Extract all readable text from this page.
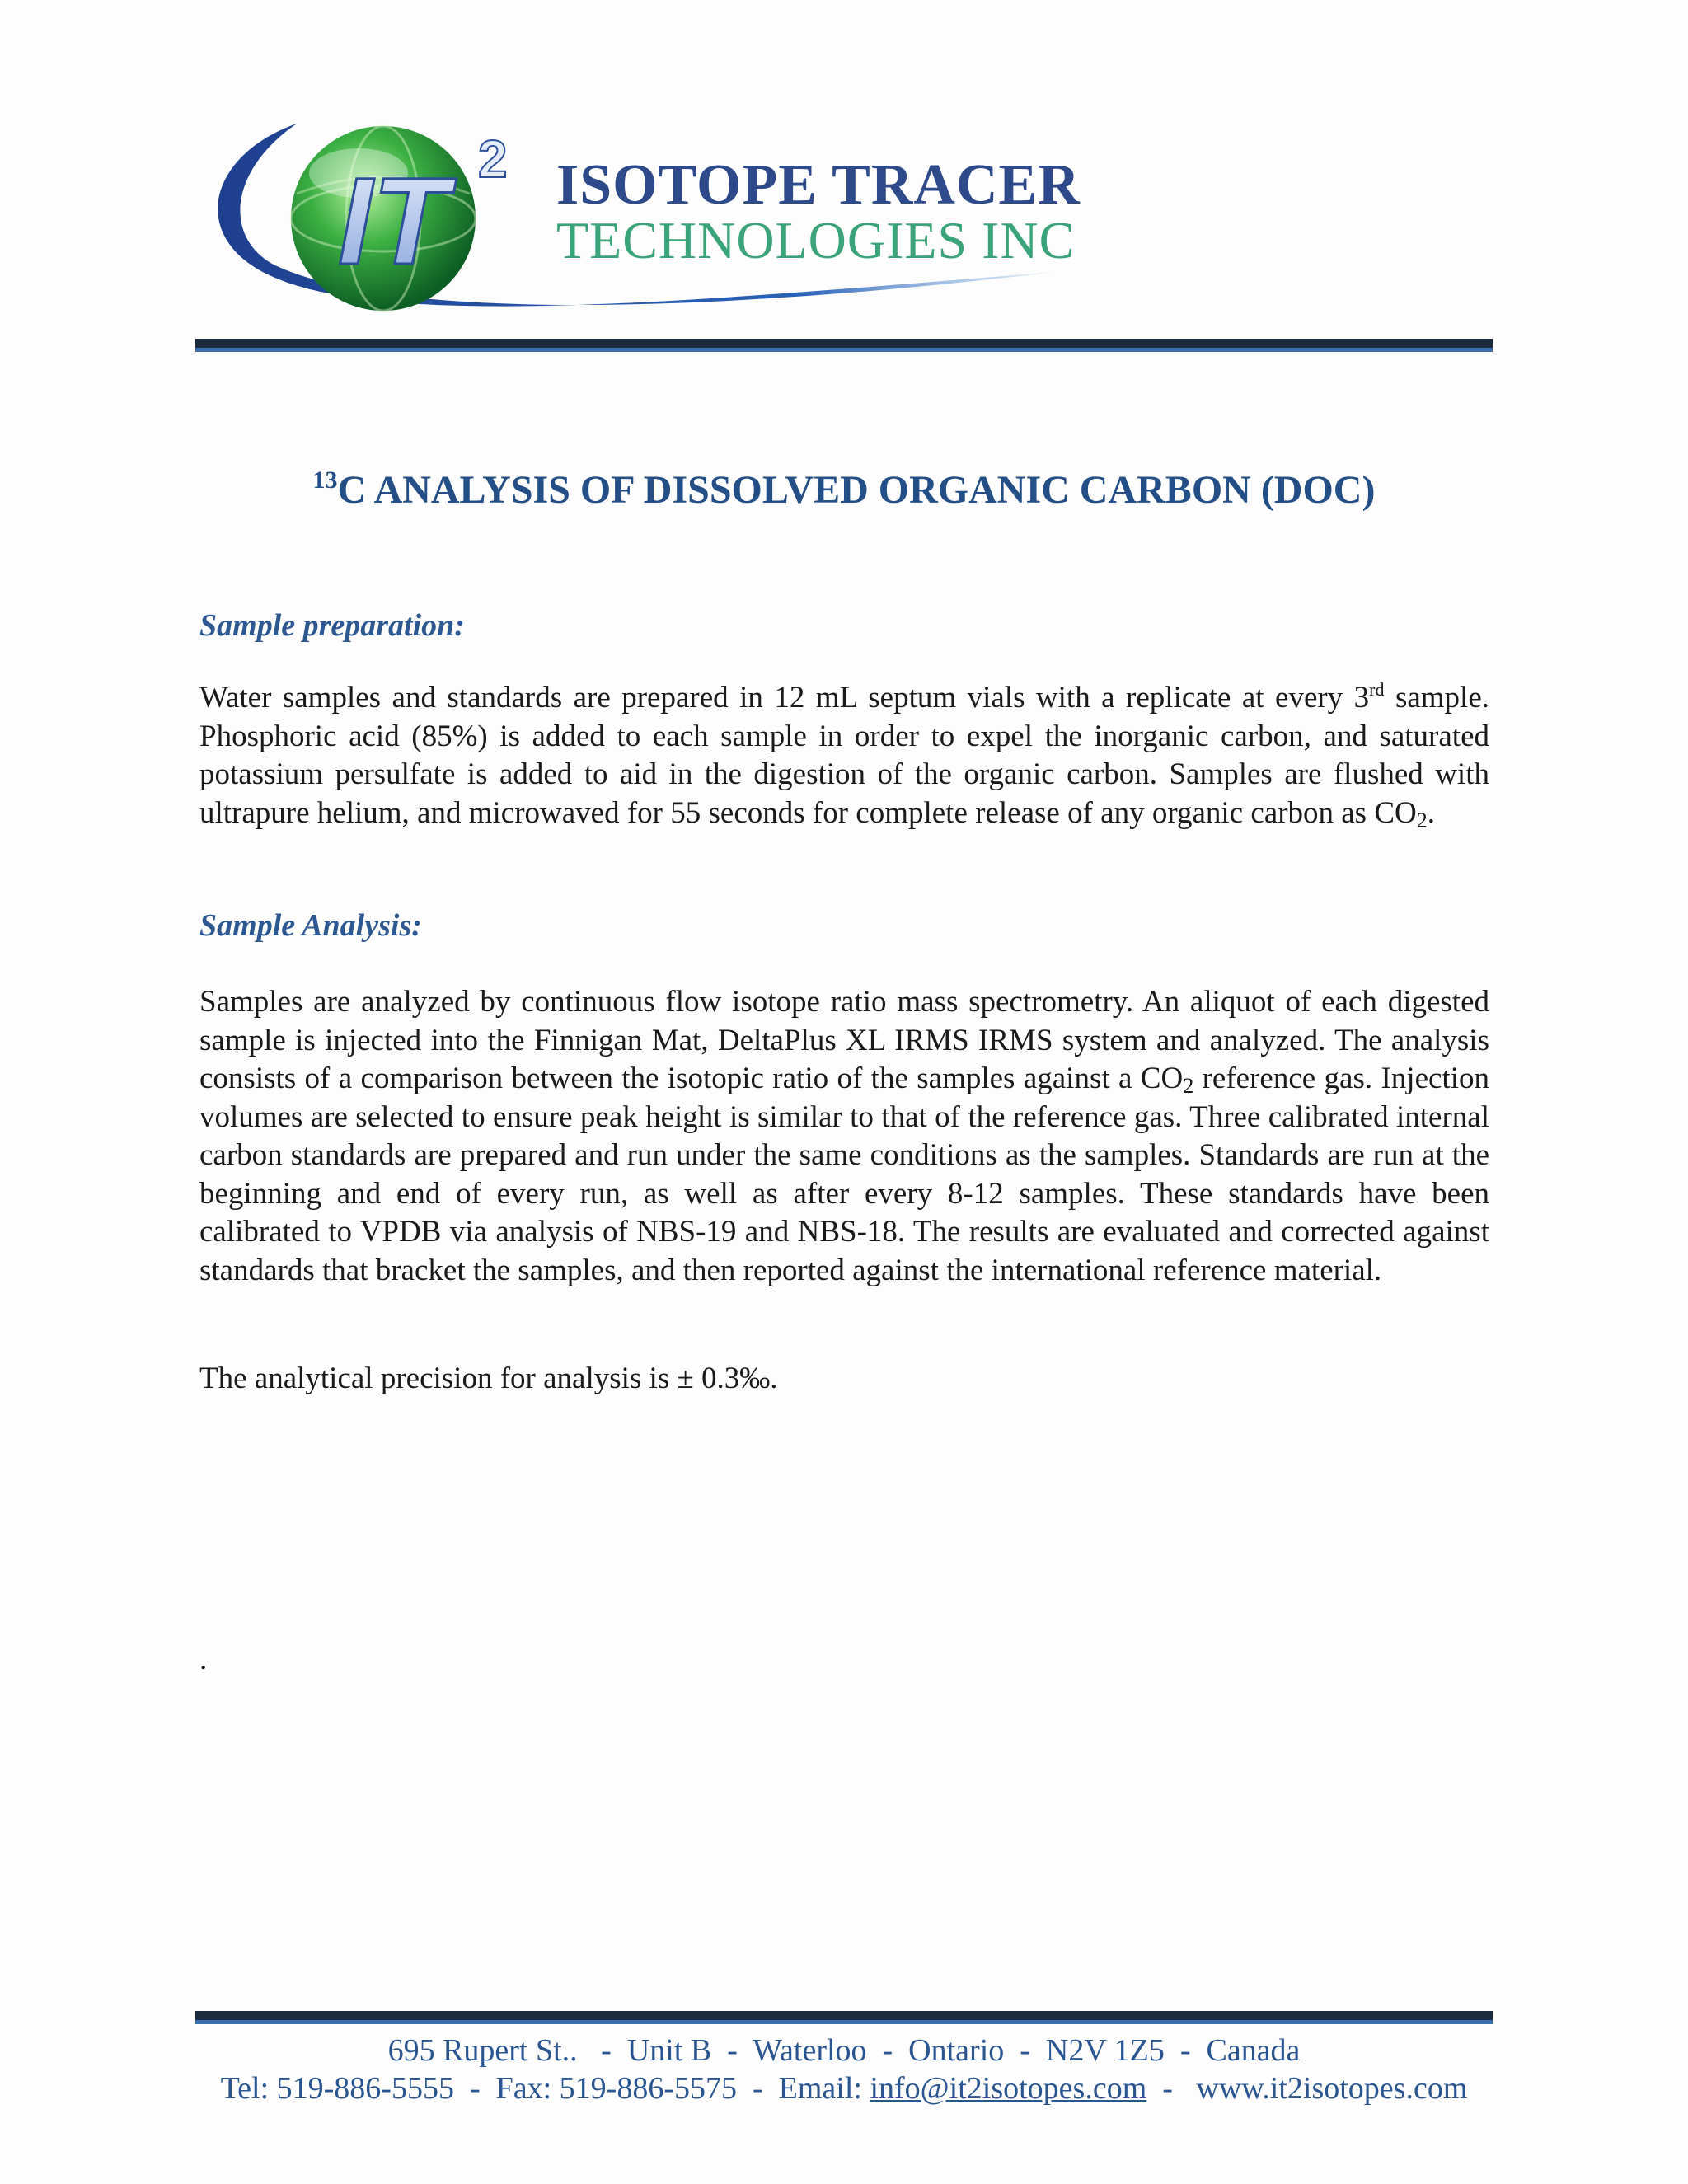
IT 2 ISOTOPE TRACER
TECHNOLOGIES INC
$^{13}$C ANALYSIS OF DISSOLVED ORGANIC CARBON (DOC)
Sample preparation:
Water samples and standards are prepared in 12 mL septum vials with a replicate at every 3rd sample. Phosphoric acid (85%) is added to each sample in order to expel the inorganic carbon, and saturated potassium persulfate is added to aid in the digestion of the organic carbon. Samples are flushed with ultrapure helium, and microwaved for 55 seconds for complete release of any organic carbon as CO2.
Sample Analysis:
Samples are analyzed by continuous flow isotope ratio mass spectrometry. An aliquot of each digested sample is injected into the Finnigan Mat, DeltaPlus XL IRMS IRMS system and analyzed. The analysis consists of a comparison between the isotopic ratio of the samples against a CO2 reference gas. Injection volumes are selected to ensure peak height is similar to that of the reference gas. Three calibrated internal carbon standards are prepared and run under the same conditions as the samples. Standards are run at the beginning and end of every run, as well as after every 8-12 samples. These standards have been calibrated to VPDB via analysis of NBS-19 and NBS-18. The results are evaluated and corrected against standards that bracket the samples, and then reported against the international reference material.
The analytical precision for analysis is ± 0.3‰.
.
695 Rupert St..   -  Unit B  -  Waterloo  -  Ontario  -  N2V 1Z5  -  Canada
Tel: 519-886-5555  -  Fax: 519-886-5575  -  Email: info@it2isotopes.com  -   www.it2isotopes.com
